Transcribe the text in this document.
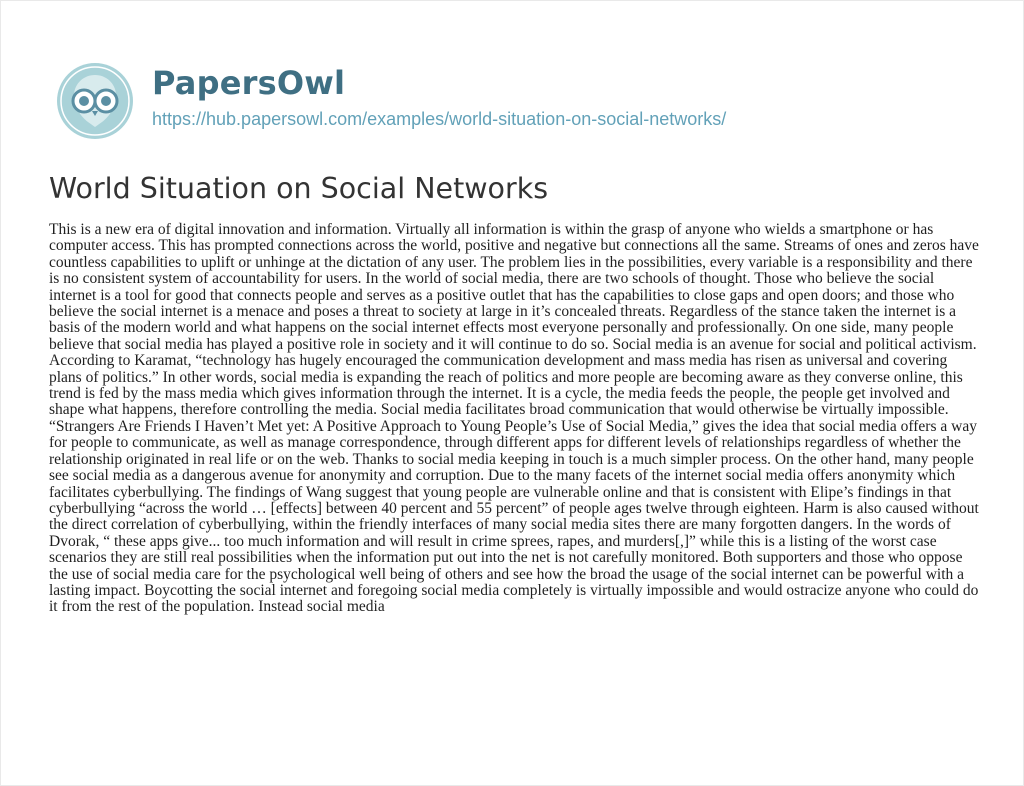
PapersOwl
https://hub.papersowl.com/examples/world-situation-on-social-networks/
World Situation on Social Networks

This is a new era of digital innovation and information. Virtually all information is within the grasp of anyone who wields a smartphone or has computer access. This has prompted connections across the world, positive and negative but connections all the same. Streams of ones and zeros have countless capabilities to uplift or unhinge at the dictation of any user. The problem lies in the possibilities, every variable is a responsibility and there is no consistent system of accountability for users. In the world of social media, there are two schools of thought. Those who believe the social internet is a tool for good that connects people and serves as a positive outlet that has the capabilities to close gaps and open doors; and those who believe the social internet is a menace and poses a threat to society at large in it’s concealed threats. Regardless of the stance taken the internet is a basis of the modern world and what happens on the social internet effects most everyone personally and professionally. On one side, many people believe that social media has played a positive role in society and it will continue to do so. Social media is an avenue for social and political activism. According to Karamat, “technology has hugely encouraged the communication development and mass media has risen as universal and covering plans of politics.” In other words, social media is expanding the reach of politics and more people are becoming aware as they converse online, this trend is fed by the mass media which gives information through the internet. It is a cycle, the media feeds the people, the people get involved and shape what happens, therefore controlling the media. Social media facilitates broad communication that would otherwise be virtually impossible. “Strangers Are Friends I Haven’t Met yet: A Positive Approach to Young People’s Use of Social Media,” gives the idea that social media offers a way for people to communicate, as well as manage correspondence, through different apps for different levels of relationships regardless of whether the relationship originated in real life or on the web. Thanks to social media keeping in touch is a much simpler process. On the other hand, many people see social media as a dangerous avenue for anonymity and corruption. Due to the many facets of the internet social media offers anonymity which facilitates cyberbullying. The findings of Wang suggest that young people are vulnerable online and that is consistent with Elipe’s findings in that cyberbullying “across the world … [effects] between 40 percent and 55 percent” of people ages twelve through eighteen. Harm is also caused without the direct correlation of cyberbullying, within the friendly interfaces of many social media sites there are many forgotten dangers. In the words of Dvorak, “ these apps give... too much information and will result in crime sprees, rapes, and murders[,]” while this is a listing of the worst case scenarios they are still real possibilities when the information put out into the net is not carefully monitored. Both supporters and those who oppose the use of social media care for the psychological well being of others and see how the broad the usage of the social internet can be powerful with a lasting impact. Boycotting the social internet and foregoing social media completely is virtually impossible and would ostracize anyone who could do it from the rest of the population. Instead social media
